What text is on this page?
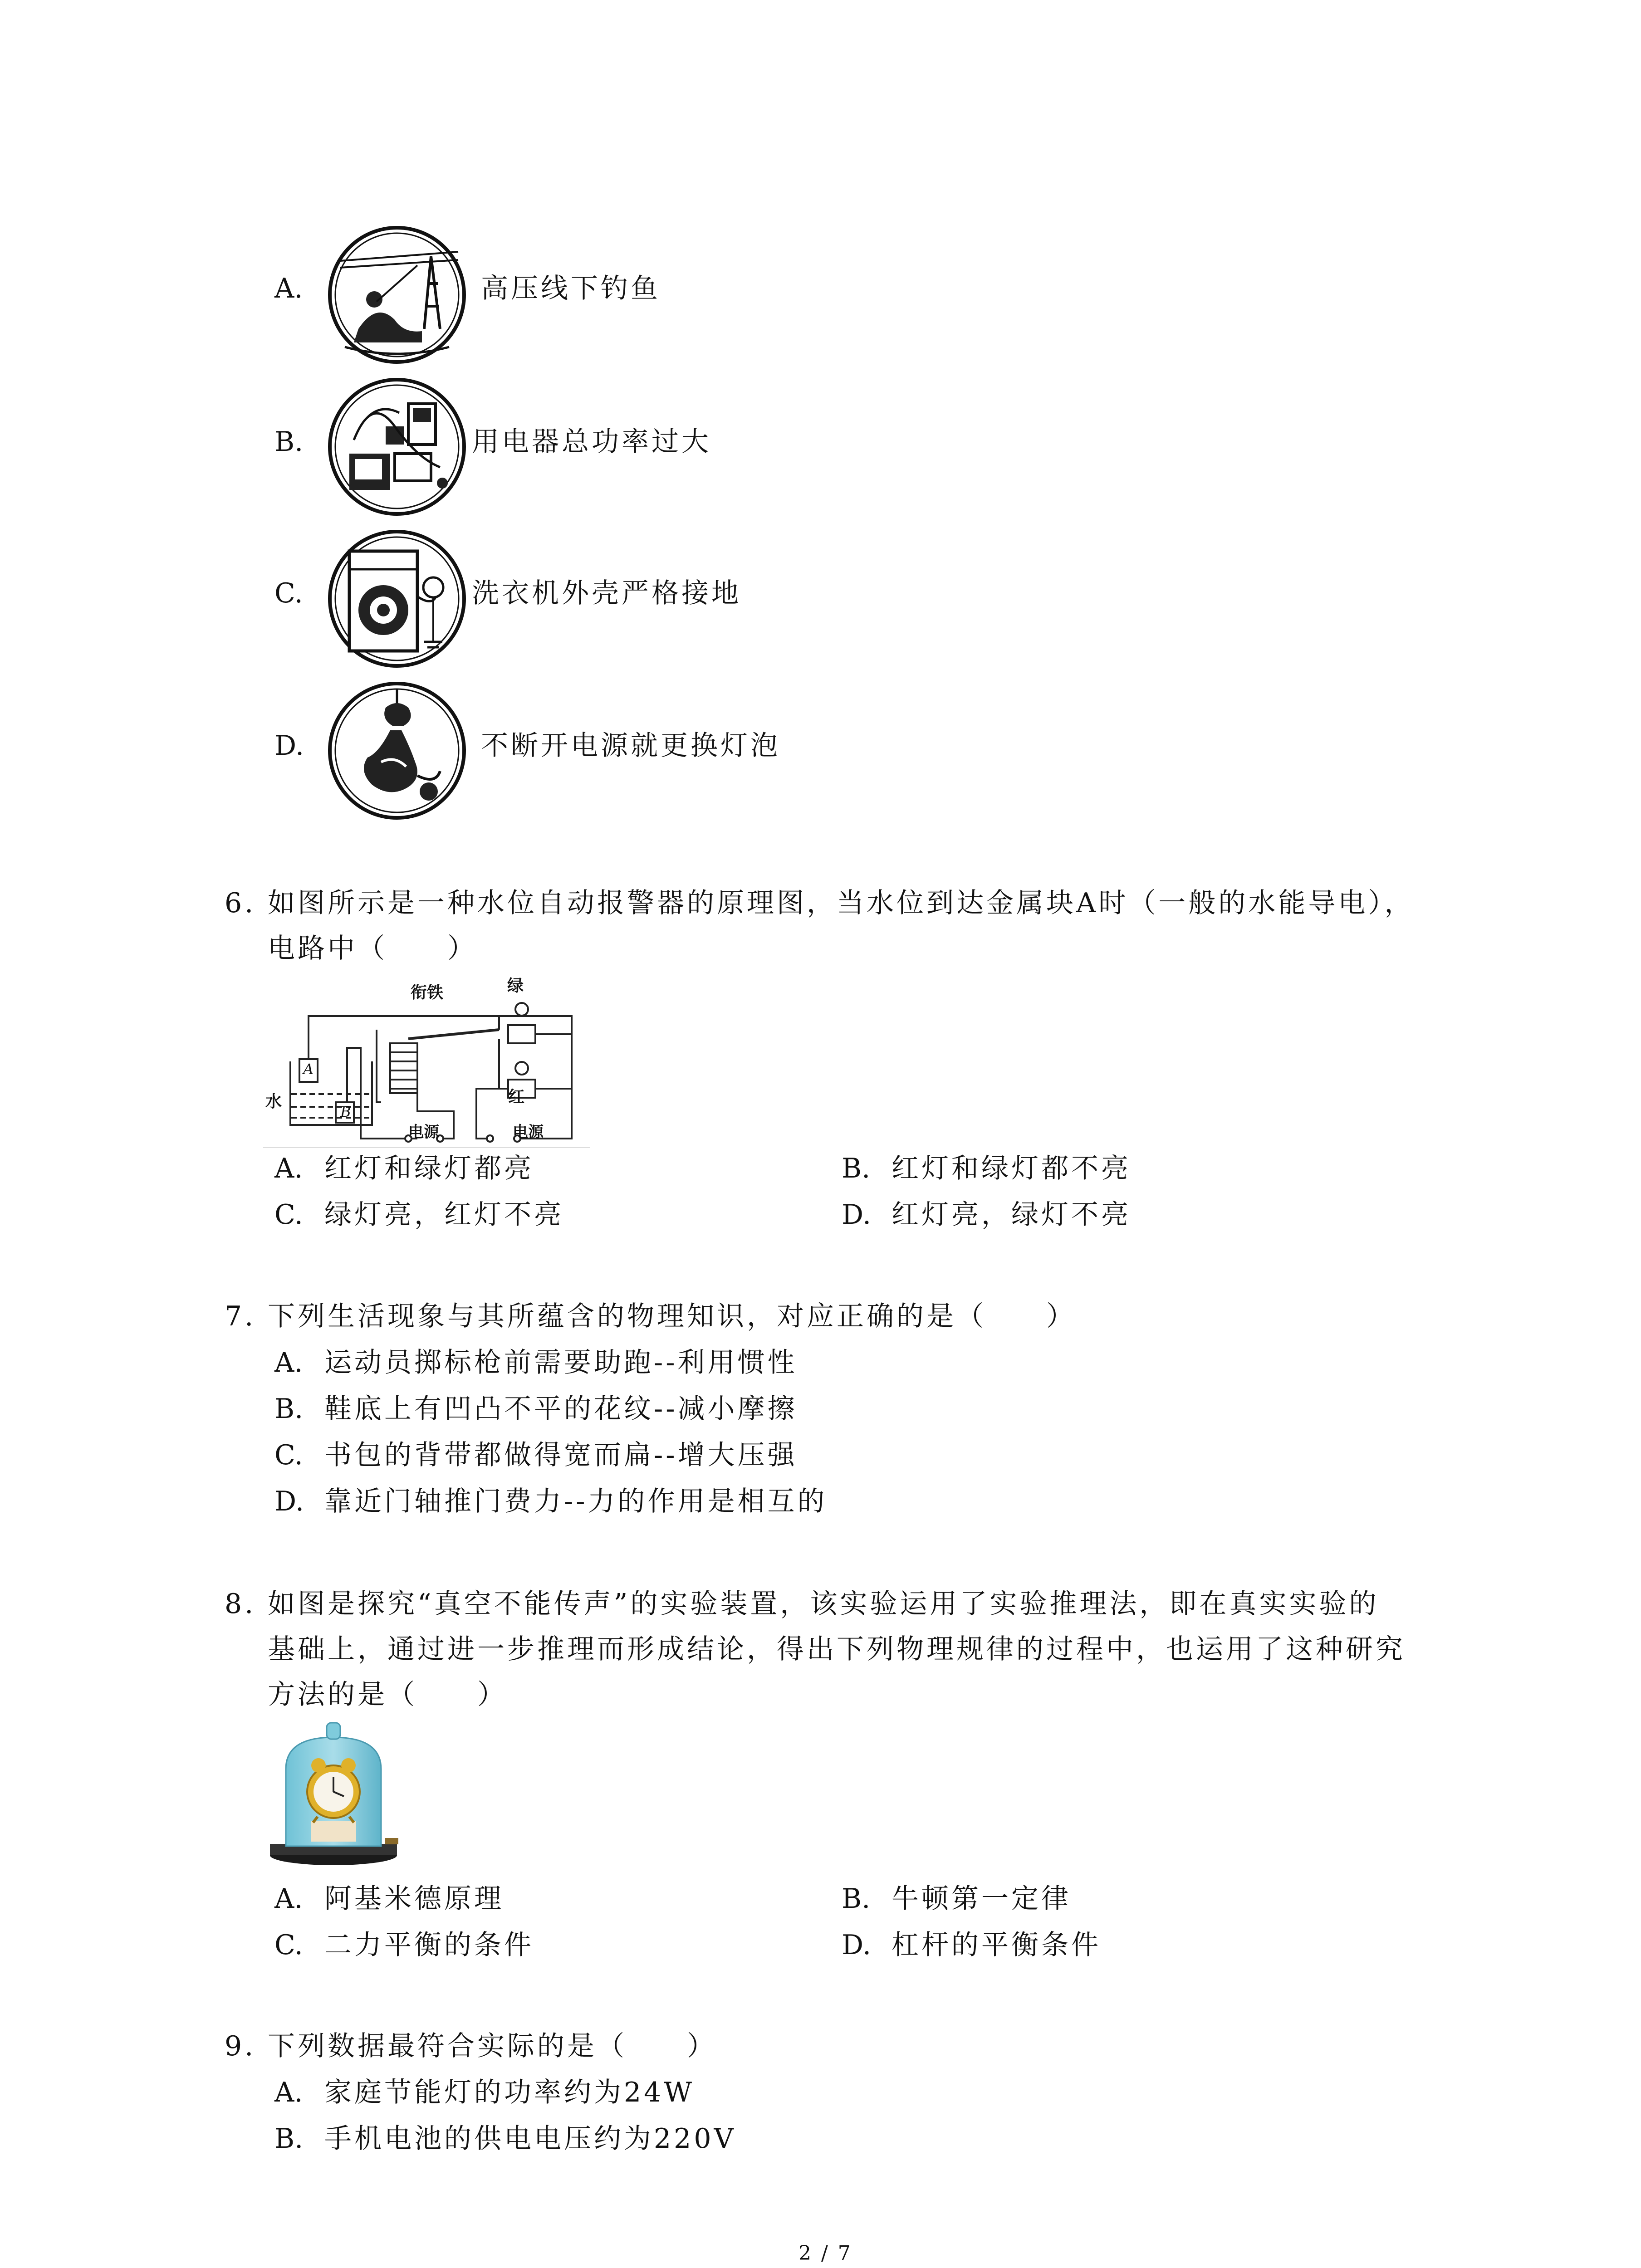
A.	高压线下钓鱼
B.	用电器总功率过大
C.	洗衣机外壳严格接地
D.	不断开电源就更换灯泡
6. 如图所示是一种水位自动报警器的原理图，当水位到达金属块A时（一般的水能导电），
电路中（　　）
衔铁	绿
红
水
A
B
电源	电源
A. 红灯和绿灯都亮	B. 红灯和绿灯都不亮
C. 绿灯亮，红灯不亮	D. 红灯亮，绿灯不亮
7. 下列生活现象与其所蕴含的物理知识，对应正确的是（　　）
A. 运动员掷标枪前需要助跑--利用惯性
B. 鞋底上有凹凸不平的花纹--减小摩擦
C. 书包的背带都做得宽而扁--增大压强
D. 靠近门轴推门费力--力的作用是相互的
8. 如图是探究“真空不能传声”的实验装置，该实验运用了实验推理法，即在真实实验的
基础上，通过进一步推理而形成结论，得出下列物理规律的过程中，也运用了这种研究
方法的是（　　）
A. 阿基米德原理	B. 牛顿第一定律
C. 二力平衡的条件	D. 杠杆的平衡条件
9. 下列数据最符合实际的是（　　）
A. 家庭节能灯的功率约为24W
B. 手机电池的供电电压约为220V
2 / 7
